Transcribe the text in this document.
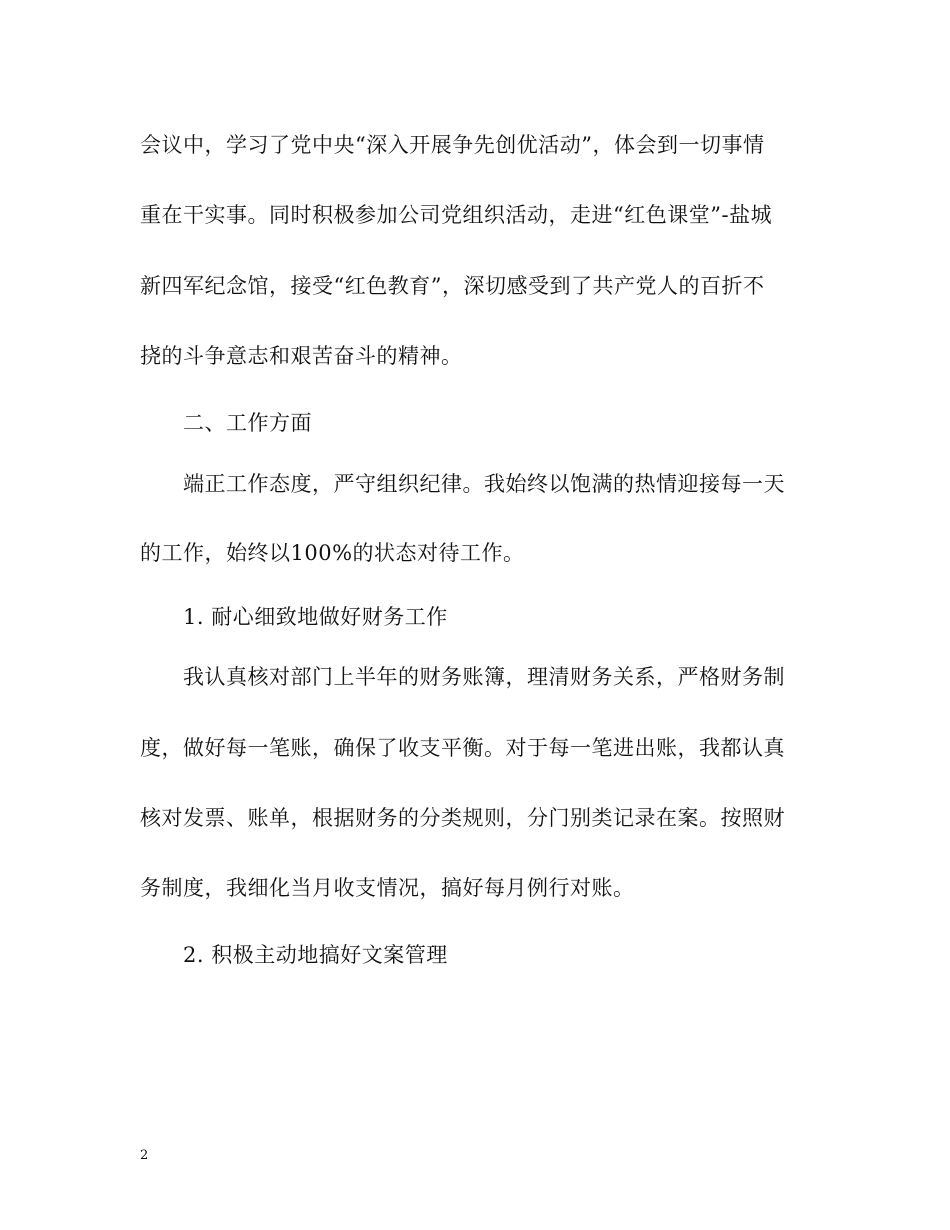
会议中，学习了党中央“深入开展争先创优活动”，体会到一切事情
重在干实事。同时积极参加公司党组织活动，走进“红色课堂”-盐城
新四军纪念馆，接受“红色教育”，深切感受到了共产党人的百折不
挠的斗争意志和艰苦奋斗的精神。
二、工作方面
端正工作态度，严守组织纪律。我始终以饱满的热情迎接每一天
的工作，始终以100%的状态对待工作。
1. 耐心细致地做好财务工作
我认真核对部门上半年的财务账簿，理清财务关系，严格财务制
度，做好每一笔账，确保了收支平衡。对于每一笔进出账，我都认真
核对发票、账单，根据财务的分类规则，分门别类记录在案。按照财
务制度，我细化当月收支情况，搞好每月例行对账。
2. 积极主动地搞好文案管理
2
